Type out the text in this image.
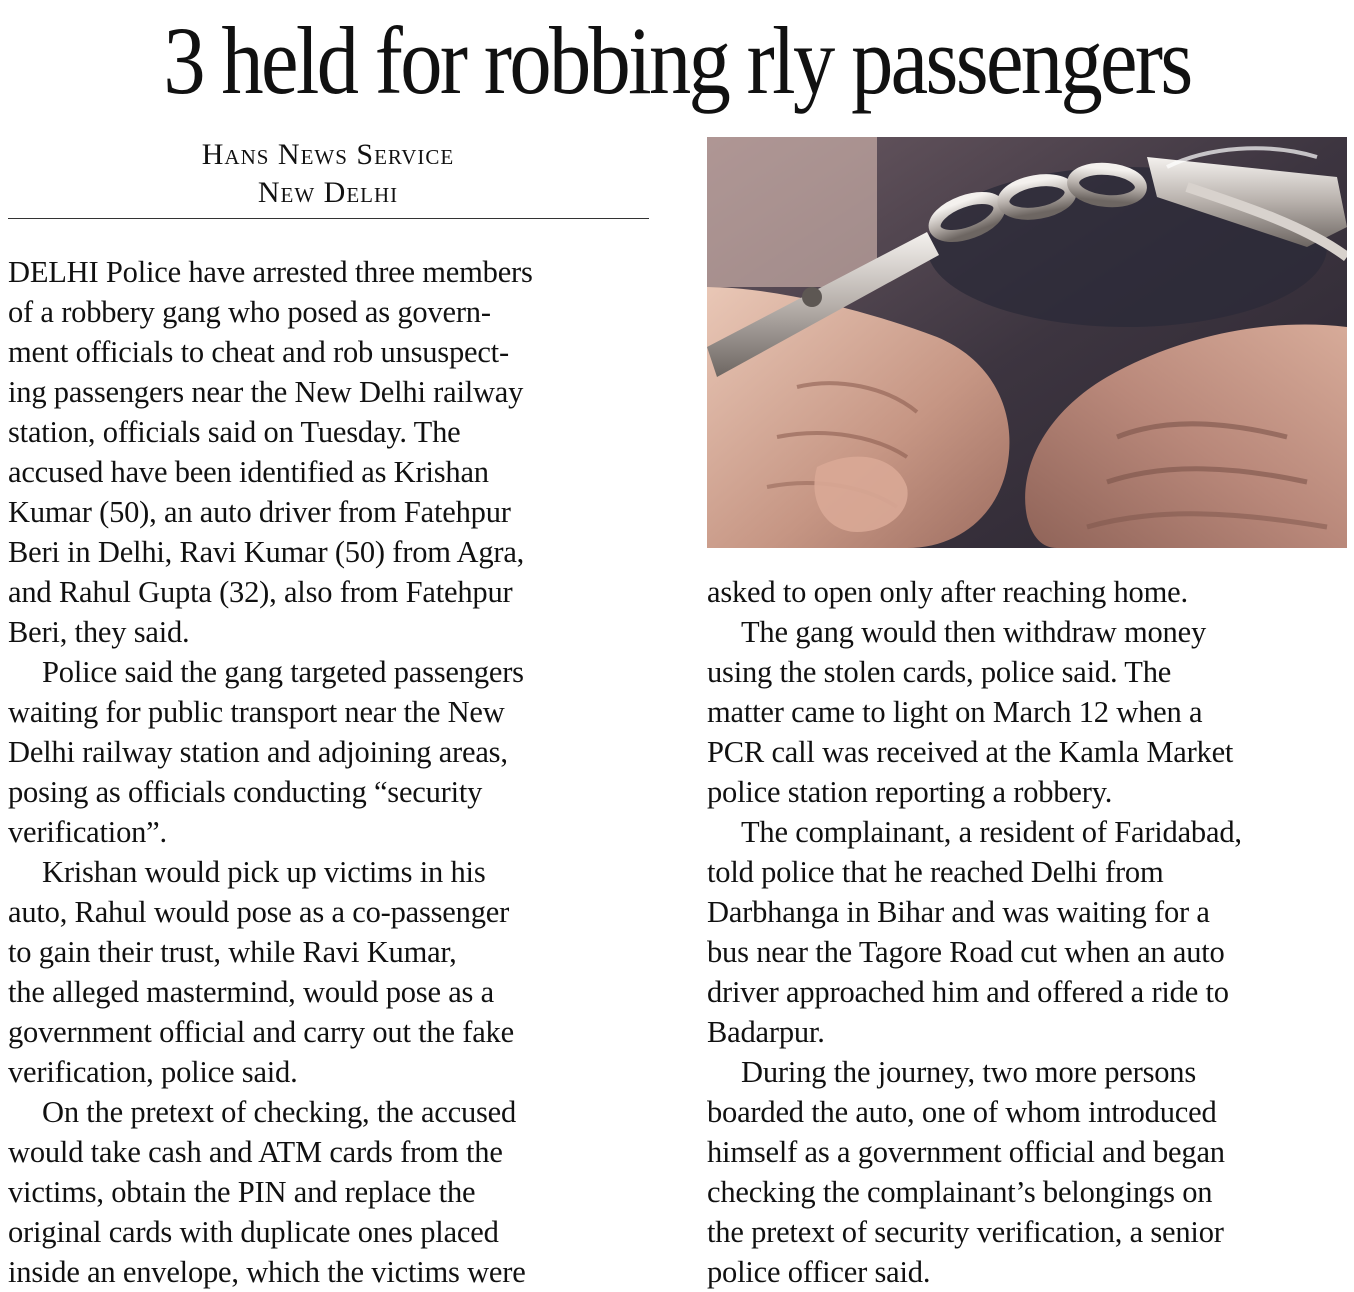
3 held for robbing rly passengers
Hans News Service
New Delhi
DELHI Police have arrested three members
of a robbery gang who posed as govern-
ment officials to cheat and rob unsuspect-
ing passengers near the New Delhi railway
station, officials said on Tuesday. The
accused have been identified as Krishan
Kumar (50), an auto driver from Fatehpur
Beri in Delhi, Ravi Kumar (50) from Agra,
and Rahul Gupta (32), also from Fatehpur
Beri, they said.
Police said the gang targeted passengers
waiting for public transport near the New
Delhi railway station and adjoining areas,
posing as officials conducting “security
verification”.
Krishan would pick up victims in his
auto, Rahul would pose as a co-passenger
to gain their trust, while Ravi Kumar,
the alleged mastermind, would pose as a
government official and carry out the fake
verification, police said.
On the pretext of checking, the accused
would take cash and ATM cards from the
victims, obtain the PIN and replace the
original cards with duplicate ones placed
inside an envelope, which the victims were
asked to open only after reaching home.
The gang would then withdraw money
using the stolen cards, police said. The
matter came to light on March 12 when a
PCR call was received at the Kamla Market
police station reporting a robbery.
The complainant, a resident of Faridabad,
told police that he reached Delhi from
Darbhanga in Bihar and was waiting for a
bus near the Tagore Road cut when an auto
driver approached him and offered a ride to
Badarpur.
During the journey, two more persons
boarded the auto, one of whom introduced
himself as a government official and began
checking the complainant’s belongings on
the pretext of security verification, a senior
police officer said.
